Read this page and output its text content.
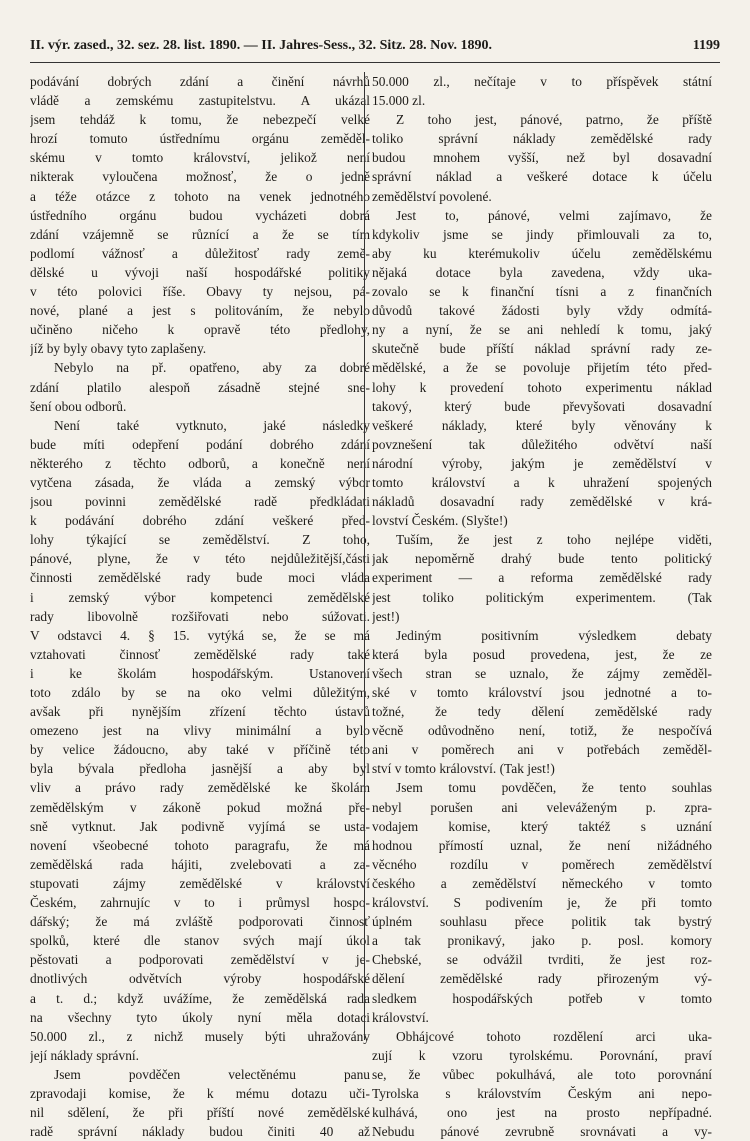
II. výr. zased., 32. sez. 28. list. 1890. — II. Jahres-Sess., 32. Sitz. 28. Nov. 1890.	1199
podávání dobrých zdání a činění návrhů
vládě a zemskému zastupitelstvu. A ukázal
jsem tehdáž k tomu, že nebezpečí velké
hrozí tomuto ústřednímu orgánu zeměděl-
skému v tomto království, jelikož není
nikterak vyloučena možnosť, že o jedně
a téže otázce z tohoto na venek jednotného
ústředního orgánu budou vycházeti dobrá
zdání vzájemně se různící a že se tím
podlomí vážnosť a důležitosť rady země-
dělské u vývoji naší hospodářské politiky
v této polovici říše. Obavy ty nejsou, pá-
nové, plané a jest s politováním, že nebylo
učiněno ničeho k opravě této předlohy,
jíž by byly obavy tyto zaplašeny.
Nebylo na př. opatřeno, aby za dobré
zdání platilo alespoň zásadně stejné sne-
šení obou odborů.
Není také vytknuto, jaké následky
bude míti odepření podání dobrého zdání
některého z těchto odborů, a konečně není
vytčena zásada, že vláda a zemský výbor
jsou povinni zemědělské radě předkládati
k podávání dobrého zdání veškeré před-
lohy týkající se zemědělství. Z toho,
pánové, plyne, že v této nejdůležitější,části
činnosti zemědělské rady bude moci vláda
i zemský výbor kompetenci zemědělské
rady libovolně rozšiřovati nebo súžovati.
V odstavci 4. § 15. vytýká se, že se má
vztahovati činnosť zemědělské rady také
i ke školám hospodářským. Ustanovení
toto zdálo by se na oko velmi důležitým,
avšak při nynějším zřízení těchto ústavů
omezeno jest na vlivy minimální a bylo
by velice žádoucno, aby také v příčině této
byla bývala předloha jasnější a aby byl
vliv a právo rady zemědělské ke školám
zemědělským v zákoně pokud možná pře-
sně vytknut. Jak podivně vyjímá se usta-
novení všeobecné tohoto paragrafu, že má
zemědělská rada hájiti, zvelebovati a za-
stupovati zájmy zemědělské v království
Českém, zahrnujíc v to i průmysl hospo-
dářský; že má zvláště podporovati činnosť
spolků, které dle stanov svých mají úkol
pěstovati a podporovati zemědělství v je-
dnotlivých odvětvích výroby hospodářské
a t. d.; když uvážíme, že zemědělská rada
na všechny tyto úkoly nyní měla dotaci
50.000 zl., z nichž musely býti uhražovány
její náklady správní.
Jsem povděčen velectěnému panu
zpravodaji komise, že k mému dotazu uči-
nil sdělení, že při příští nové zemědělské
radě správní náklady budou činiti 40 až
50.000 zl., nečítaje v to příspěvek státní
15.000 zl.
Z toho jest, pánové, patrno, že příště
toliko správní náklady zemědělské rady
budou mnohem vyšší, než byl dosavadní
správní náklad a veškeré dotace k účelu
zemědělství povolené.
Jest to, pánové, velmi zajímavo, že
kdykoliv jsme se jindy přimlouvali za to,
aby ku kterémukoliv účelu zemědělskému
nějaká dotace byla zavedena, vždy uka-
zovalo se k finanční tísni a z finančních
důvodů takové žádosti byly vždy odmítá-
ny a nyní, že se ani nehledí k tomu, jaký
skutečně bude příští náklad správní rady ze-
mědělské, a že se povoluje přijetím této před-
lohy k provedení tohoto experimentu náklad
takový, který bude převyšovati dosavadní
veškeré náklady, které byly věnovány k
povznešení tak důležitého odvětví naší
národní výroby, jakým je zemědělství v
tomto království a k uhražení spojených
nákladů dosavadní rady zemědělské v krá-
lovství Českém. (Slyšte!)
Tuším, že jest z toho nejlépe viděti,
jak nepoměrně drahý bude tento politický
experiment — a reforma zemědělské rady
jest toliko politickým experimentem. (Tak
jest!)
Jediným positivním výsledkem debaty
která byla posud provedena, jest, že ze
všech stran se uznalo, že zájmy zeměděl-
ské v tomto království jsou jednotné a to-
tožné, že tedy dělení zemědělské rady
věcně odůvodněno není, totiž, že nespočívá
ani v poměrech ani v potřebách zeměděl-
ství v tomto království. (Tak jest!)
Jsem tomu povděčen, že tento souhlas
nebyl porušen ani veleváženým p. zpra-
vodajem komise, který taktéž s uznání
hodnou přímostí uznal, že není nižádného
věcného rozdílu v poměrech zemědělství
českého a zemědělství německého v tomto
království. S podivením je, že při tomto
úplném souhlasu přece politik tak bystrý
a tak pronikavý, jako p. posl. komory
Chebské, se odvážil tvrditi, že jest roz-
dělení zemědělské rady přirozeným vý-
sledkem hospodářských potřeb v tomto
království.
Obhájcové tohoto rozdělení arci uka-
zují k vzoru tyrolskému. Porovnání, praví
se, že vůbec pokulhává, ale toto porovnání
Tyrolska s královstvím Českým ani nepo-
kulhává, ono jest na prosto nepřípadné.
Nebudu pánové zevrubně srovnávati a vy-
